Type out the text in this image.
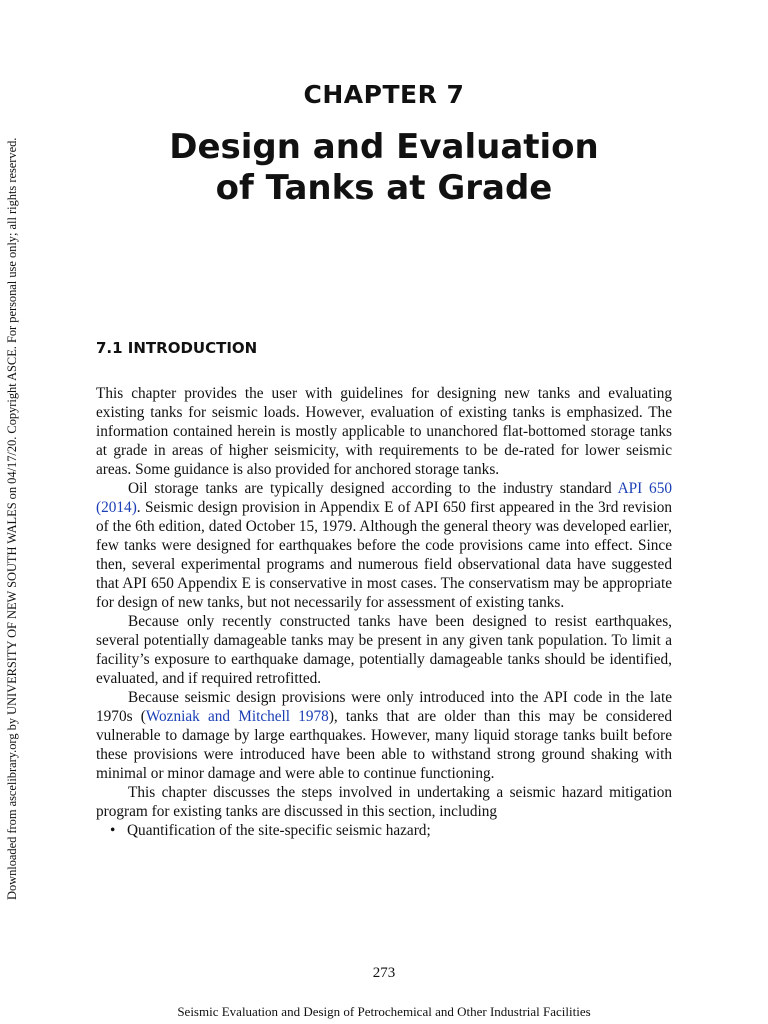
Downloaded from ascelibrary.org by UNIVERSITY OF NEW SOUTH WALES on 04/17/20. Copyright ASCE. For personal use only; all rights reserved.
CHAPTER 7
Design and Evaluation
of Tanks at Grade
7.1 INTRODUCTION

This chapter provides the user with guidelines for designing new tanks and evaluating existing tanks for seismic loads. However, evaluation of existing tanks is emphasized. The information contained herein is mostly applicable to unanchored flat-bottomed storage tanks at grade in areas of higher seismicity, with requirements to be de-rated for lower seismic areas. Some guidance is also provided for anchored storage tanks.

Oil storage tanks are typically designed according to the industry standard API 650 (2014). Seismic design provision in Appendix E of API 650 first appeared in the 3rd revision of the 6th edition, dated October 15, 1979. Although the general theory was developed earlier, few tanks were designed for earthquakes before the code provisions came into effect. Since then, several experimental programs and numerous field observational data have suggested that API 650 Appendix E is conservative in most cases. The conservatism may be appropriate for design of new tanks, but not necessarily for assessment of existing tanks.

Because only recently constructed tanks have been designed to resist earthquakes, several potentially damageable tanks may be present in any given tank population. To limit a facility’s exposure to earthquake damage, potentially damageable tanks should be identified, evaluated, and if required retrofitted.

Because seismic design provisions were only introduced into the API code in the late 1970s (Wozniak and Mitchell 1978), tanks that are older than this may be considered vulnerable to damage by large earthquakes. However, many liquid storage tanks built before these provisions were introduced have been able to withstand strong ground shaking with minimal or minor damage and were able to continue functioning.

This chapter discusses the steps involved in undertaking a seismic hazard mitigation program for existing tanks are discussed in this section, including

• Quantification of the site-specific seismic hazard;
273
Seismic Evaluation and Design of Petrochemical and Other Industrial Facilities
